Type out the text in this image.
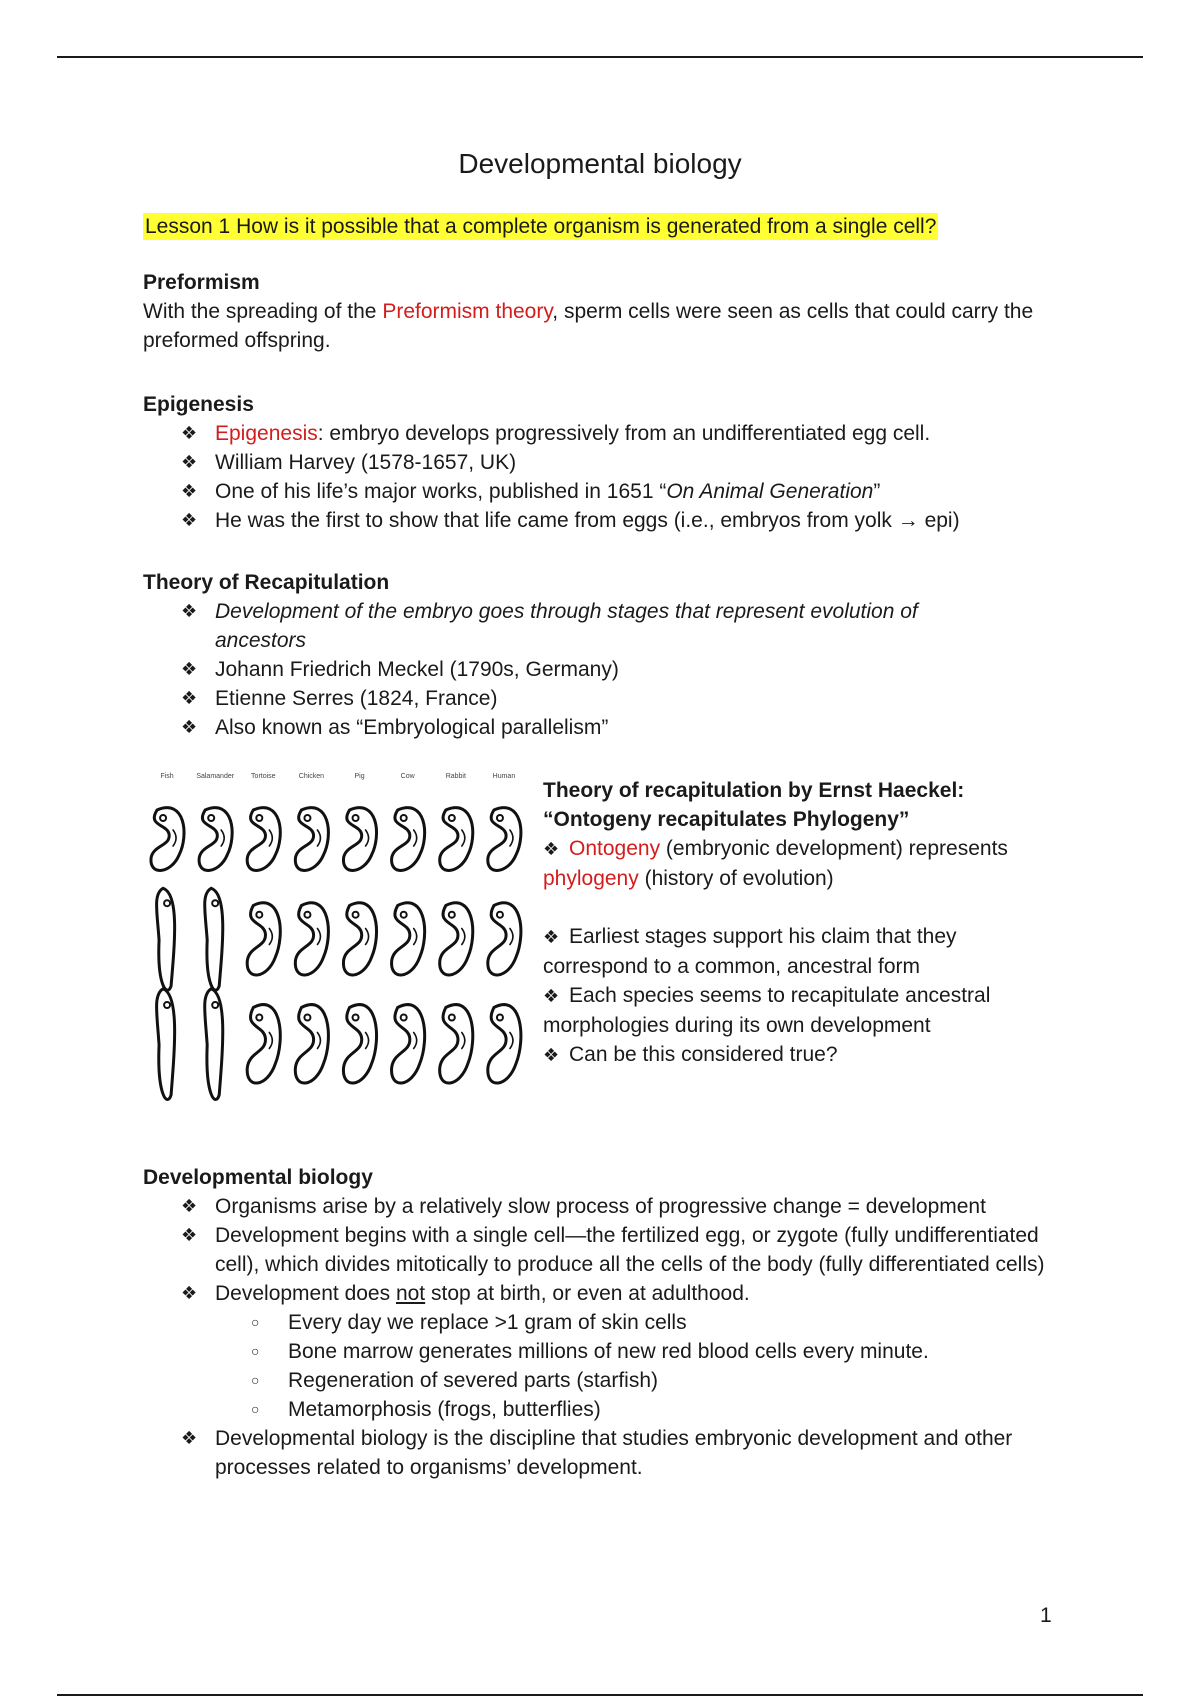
Developmental biology
Lesson 1 How is it possible that a complete organism is generated from a single cell?
Preformism

With the spreading of the Preformism theory, sperm cells were seen as cells that could carry the preformed offspring.

Epigenesis
❖ Epigenesis: embryo develops progressively from an undifferentiated egg cell.
❖ William Harvey (1578-1657, UK)
❖ One of his life’s major works, published in 1651 “On Animal Generation”
❖ He was the first to show that life came from eggs (i.e., embryos from yolk → epi)
Theory of Recapitulation
❖ Development of the embryo goes through stages that represent evolution of ancestors
❖ Johann Friedrich Meckel (1790s, Germany)
❖ Etienne Serres (1824, France)
❖ Also known as “Embryological parallelism”
Fish	Salamander Tortoise	Chicken	Pig	Cow	Rabbit	Human

Theory of recapitulation by Ernst Haeckel:

“Ontogeny recapitulates Phylogeny”

❖ Ontogeny (embryonic development) represents phylogeny (history of evolution)

❖ Earliest stages support his claim that they correspond to a common, ancestral form

❖ Each species seems to recapitulate ancestral morphologies during its own development

❖ Can be this considered true?

Developmental biology
❖ Organisms arise by a relatively slow process of progressive change = development
❖ Development begins with a single cell—the fertilized egg, or zygote (fully undifferentiated cell), which divides mitotically to produce all the cells of the body (fully differentiated cells)
❖ Development does not stop at birth, or even at adulthood.
○ Every day we replace >1 gram of skin cells
○ Bone marrow generates millions of new red blood cells every minute.
○ Regeneration of severed parts (starfish)
○ Metamorphosis (frogs, butterflies)
❖ Developmental biology is the discipline that studies embryonic development and other processes related to organisms’ development.
1
